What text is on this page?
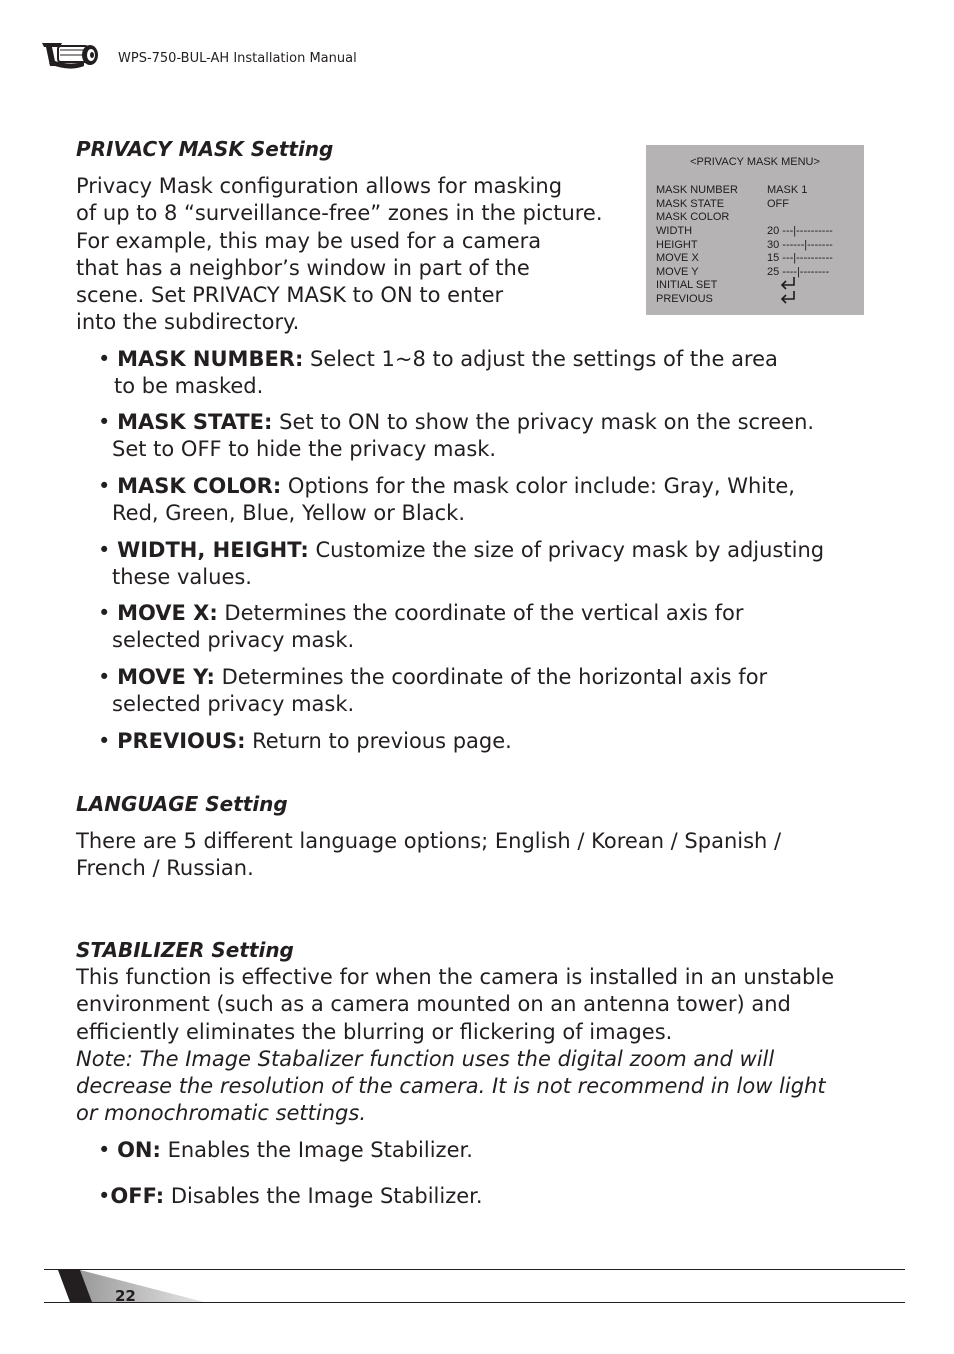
WPS-750-BUL-AH Installation Manual
PRIVACY MASK Setting
Privacy Mask configuration allows for masking
of up to 8 “surveillance-free” zones in the picture.
For example, this may be used for a camera
that has a neighbor’s window in part of the
scene. Set PRIVACY MASK to ON to enter
into the subdirectory.
<PRIVACY MASK MENU>
MASK NUMBER	MASK 1
MASK STATE	OFF
MASK COLOR
WIDTH	20 ---|----------
HEIGHT	30 ------|-------
MOVE X	15 ---|----------
MOVE Y	25 ----|--------
INITIAL SET
PREVIOUS
• MASK NUMBER: Select 1~8 to adjust the settings of the area
to be masked.
• MASK STATE: Set to ON to show the privacy mask on the screen.
Set to OFF to hide the privacy mask.
• MASK COLOR: Options for the mask color include: Gray, White,
Red, Green, Blue, Yellow or Black.
• WIDTH, HEIGHT: Customize the size of privacy mask by adjusting
these values.
• MOVE X: Determines the coordinate of the vertical axis for
selected privacy mask.
• MOVE Y: Determines the coordinate of the horizontal axis for
selected privacy mask.
• PREVIOUS: Return to previous page.
LANGUAGE Setting
There are 5 different language options; English / Korean / Spanish /
French / Russian.
STABILIZER Setting
This function is effective for when the camera is installed in an unstable
environment (such as a camera mounted on an antenna tower) and
efficiently eliminates the blurring or flickering of images.
Note: The Image Stabalizer function uses the digital zoom and will
decrease the resolution of the camera. It is not recommend in low light
or monochromatic settings.
• ON: Enables the Image Stabilizer.
•OFF: Disables the Image Stabilizer.
22
